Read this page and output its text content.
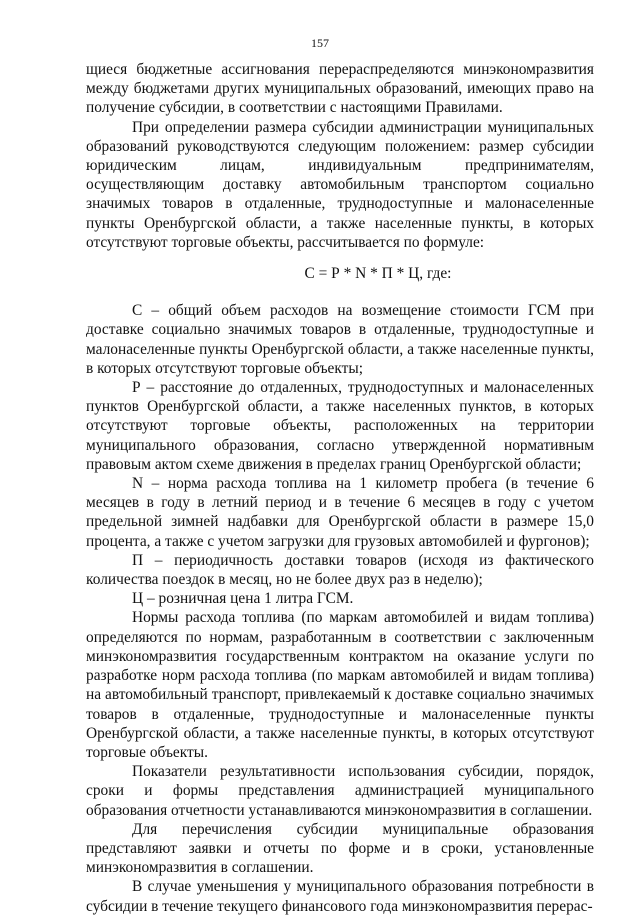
157

щиеся бюджетные ассигнования перераспределяются минэкономразвития между бюджетами других муниципальных образований, имеющих право на получение субсидии, в соответствии с настоящими Правилами.

При определении размера субсидии администрации муниципальных образований руководствуются следующим положением: размер субсидии юридическим лицам, индивидуальным предпринимателям, осуществляющим доставку автомобильным транспортом социально значимых товаров в отдаленные, труднодоступные и малонаселенные пункты Оренбургской области, а также населенные пункты, в которых отсутствуют торговые объекты, рассчитывается по формуле:

С = Р * N * П * Ц, где:

С – общий объем расходов на возмещение стоимости ГСМ при доставке социально значимых товаров в отдаленные, труднодоступные и малонаселенные пункты Оренбургской области, а также населенные пункты, в которых отсутствуют торговые объекты;

Р – расстояние до отдаленных, труднодоступных и малонаселенных пунктов Оренбургской области, а также населенных пунктов, в которых отсутствуют торговые объекты, расположенных на территории муниципального образования, согласно утвержденной нормативным правовым актом схеме движения в пределах границ Оренбургской области;

N – норма расхода топлива на 1 километр пробега (в течение 6 месяцев в году в летний период и в течение 6 месяцев в году с учетом предельной зимней надбавки для Оренбургской области в размере 15,0 процента, а также с учетом загрузки для грузовых автомобилей и фургонов);

П – периодичность доставки товаров (исходя из фактического количества поездок в месяц, но не более двух раз в неделю);

Ц – розничная цена 1 литра ГСМ.

Нормы расхода топлива (по маркам автомобилей и видам топлива) определяются по нормам, разработанным в соответствии с заключенным минэкономразвития государственным контрактом на оказание услуги по разработке норм расхода топлива (по маркам автомобилей и видам топлива) на автомобильный транспорт, привлекаемый к доставке социально значимых товаров в отдаленные, труднодоступные и малонаселенные пункты Оренбургской области, а также населенные пункты, в которых отсутствуют торговые объекты.

Показатели результативности использования субсидии, порядок, сроки и формы представления администрацией муниципального образования отчетности устанавливаются минэкономразвития в соглашении.

Для перечисления субсидии муниципальные образования представляют заявки и отчеты по форме и в сроки, установленные минэкономразвития в соглашении.

В случае уменьшения у муниципального образования потребности в субсидии в течение текущего финансового года минэкономразвития перерас-
